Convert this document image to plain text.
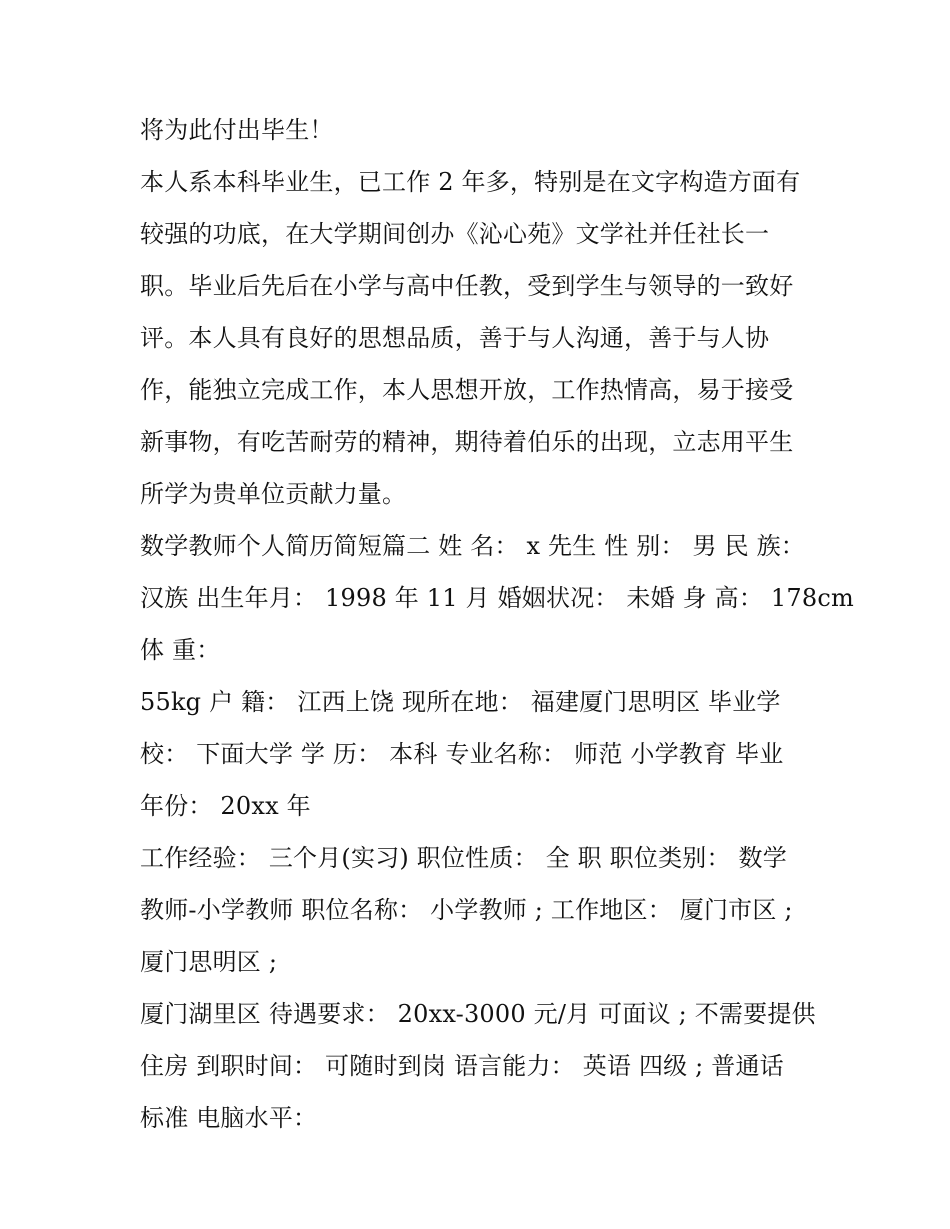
将为此付出毕生！
本人系本科毕业生，已工作 2 年多，特别是在文字构造方面有
较强的功底，在大学期间创办《沁心苑》文学社并任社长一
职。毕业后先后在小学与高中任教，受到学生与领导的一致好
评。本人具有良好的思想品质，善于与人沟通，善于与人协
作，能独立完成工作，本人思想开放，工作热情高，易于接受
新事物，有吃苦耐劳的精神，期待着伯乐的出现，立志用平生
所学为贵单位贡献力量。
数学教师个人简历简短篇二 姓 名： x 先生 性 别： 男 民 族：
汉族 出生年月： 1998 年 11 月 婚姻状况： 未婚 身 高： 178cm
体 重：
55kg 户 籍： 江西上饶 现所在地： 福建厦门思明区 毕业学
校： 下面大学 学 历： 本科 专业名称： 师范 小学教育 毕业
年份： 20xx 年
工作经验： 三个月(实习) 职位性质： 全 职 职位类别： 数学
教师-小学教师 职位名称： 小学教师 ; 工作地区： 厦门市区 ;
厦门思明区 ;
厦门湖里区 待遇要求： 20xx-3000 元/月 可面议 ; 不需要提供
住房 到职时间： 可随时到岗 语言能力： 英语 四级 ; 普通话
标准 电脑水平：
